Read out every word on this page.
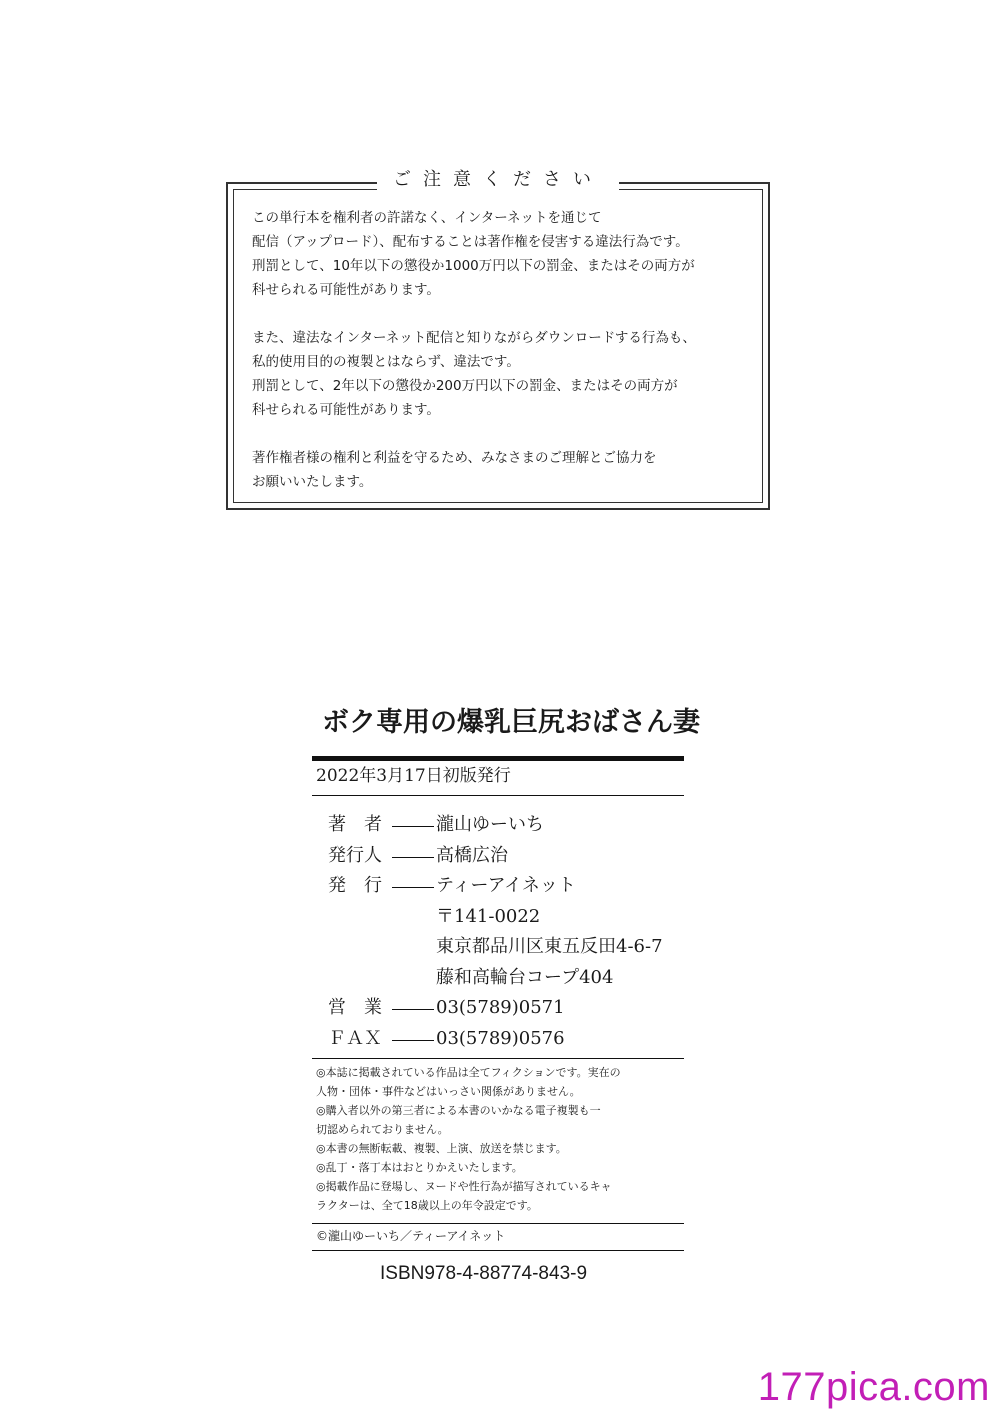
ご注意ください

この単行本を権利者の許諾なく、インターネットを通じて
配信（アップロード）、配布することは著作権を侵害する違法行為です。
刑罰として、10年以下の懲役か1000万円以下の罰金、またはその両方が
科せられる可能性があります。

また、違法なインターネット配信と知りながらダウンロードする行為も、
私的使用目的の複製とはならず、違法です。
刑罰として、2年以下の懲役か200万円以下の罰金、またはその両方が
科せられる可能性があります。

著作権者様の権利と利益を守るため、みなさまのご理解とご協力を
お願いいたします。

ボク専用の爆乳巨尻おばさん妻
2022年3月17日初版発行
著　者	瀧山ゆーいち
発行人	高橋広治
発　行	ティーアイネット
〒141-0022
東京都品川区東五反田4-6-7
藤和高輪台コープ404
営　業	03(5789)0571
ＦＡＸ	03(5789)0576
◎本誌に掲載されている作品は全てフィクションです。実在の
人物・団体・事件などはいっさい関係がありません。
◎購入者以外の第三者による本書のいかなる電子複製も一
切認められておりません。
◎本書の無断転載、複製、上演、放送を禁じます。
◎乱丁・落丁本はおとりかえいたします。
◎掲載作品に登場し、ヌードや性行為が描写されているキャ
ラクターは、全て18歳以上の年令設定です。
©瀧山ゆーいち／ティーアイネット
ISBN978-4-88774-843-9
177pica.com
